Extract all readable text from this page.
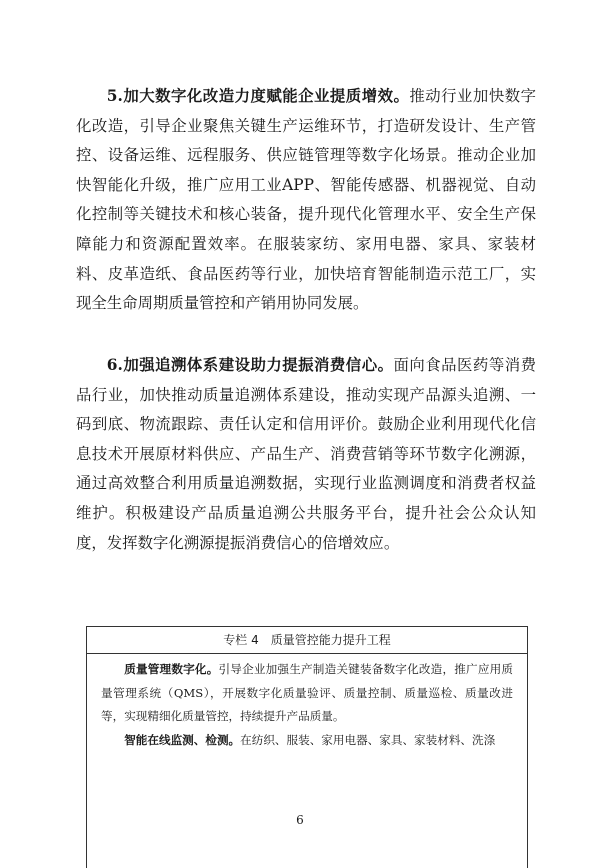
5.加大数字化改造力度赋能企业提质增效。推动行业加快数字化改造，引导企业聚焦关键生产运维环节，打造研发设计、生产管控、设备运维、远程服务、供应链管理等数字化场景。推动企业加快智能化升级，推广应用工业APP、智能传感器、机器视觉、自动化控制等关键技术和核心装备，提升现代化管理水平、安全生产保障能力和资源配置效率。在服装家纺、家用电器、家具、家装材料、皮革造纸、食品医药等行业，加快培育智能制造示范工厂，实现全生命周期质量管控和产销用协同发展。

6.加强追溯体系建设助力提振消费信心。面向食品医药等消费品行业，加快推动质量追溯体系建设，推动实现产品源头追溯、一码到底、物流跟踪、责任认定和信用评价。鼓励企业利用现代化信息技术开展原材料供应、产品生产、消费营销等环节数字化溯源，通过高效整合利用质量追溯数据，实现行业监测调度和消费者权益维护。积极建设产品质量追溯公共服务平台，提升社会公众认知度，发挥数字化溯源提振消费信心的倍增效应。

专栏 4　质量管控能力提升工程

质量管理数字化。引导企业加强生产制造关键装备数字化改造，推广应用质量管理系统（QMS），开展数字化质量验评、质量控制、质量巡检、质量改进等，实现精细化质量管控，持续提升产品质量。

智能在线监测、检测。在纺织、服装、家用电器、家具、家装材料、洗涤

6
